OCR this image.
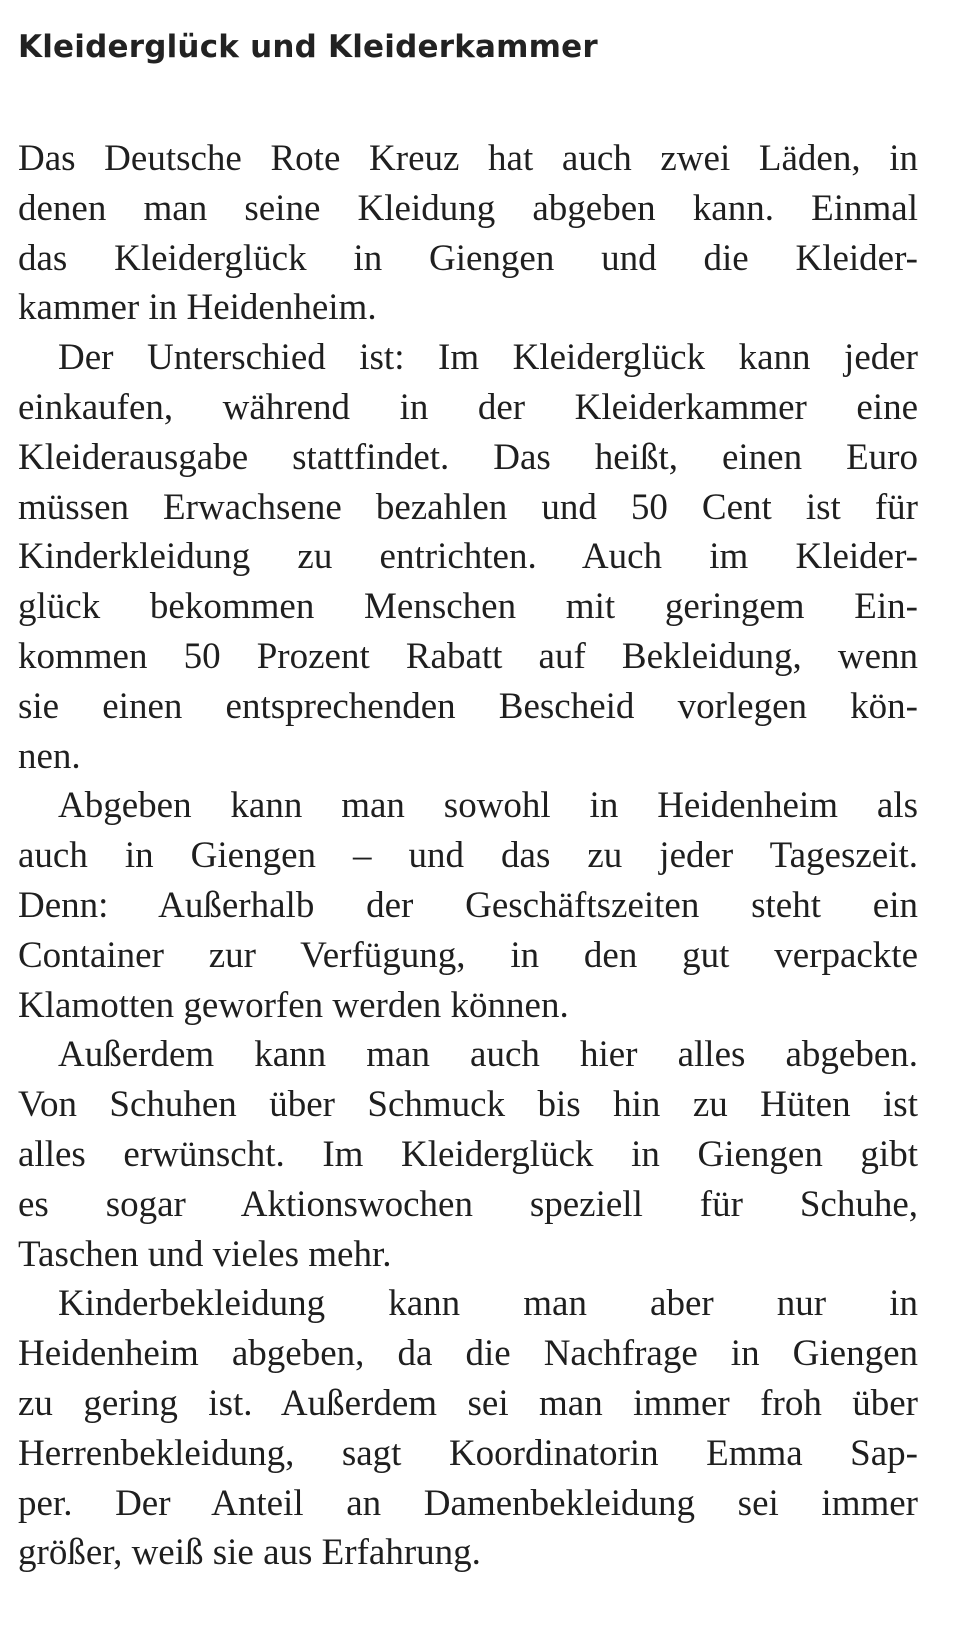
Kleiderglück und Kleiderkammer
Das Deutsche Rote Kreuz hat auch zwei Läden, in
denen man seine Kleidung abgeben kann. Einmal
das Kleiderglück in Giengen und die Kleider-
kammer in Heidenheim.
Der Unterschied ist: Im Kleiderglück kann jeder
einkaufen, während in der Kleiderkammer eine
Kleiderausgabe stattfindet. Das heißt, einen Euro
müssen Erwachsene bezahlen und 50 Cent ist für
Kinderkleidung zu entrichten. Auch im Kleider-
glück bekommen Menschen mit geringem Ein-
kommen 50 Prozent Rabatt auf Bekleidung, wenn
sie einen entsprechenden Bescheid vorlegen kön-
nen.
Abgeben kann man sowohl in Heidenheim als
auch in Giengen – und das zu jeder Tageszeit.
Denn: Außerhalb der Geschäftszeiten steht ein
Container zur Verfügung, in den gut verpackte
Klamotten geworfen werden können.
Außerdem kann man auch hier alles abgeben.
Von Schuhen über Schmuck bis hin zu Hüten ist
alles erwünscht. Im Kleiderglück in Giengen gibt
es sogar Aktionswochen speziell für Schuhe,
Taschen und vieles mehr.
Kinderbekleidung kann man aber nur in
Heidenheim abgeben, da die Nachfrage in Giengen
zu gering ist. Außerdem sei man immer froh über
Herrenbekleidung, sagt Koordinatorin Emma Sap-
per. Der Anteil an Damenbekleidung sei immer
größer, weiß sie aus Erfahrung.
